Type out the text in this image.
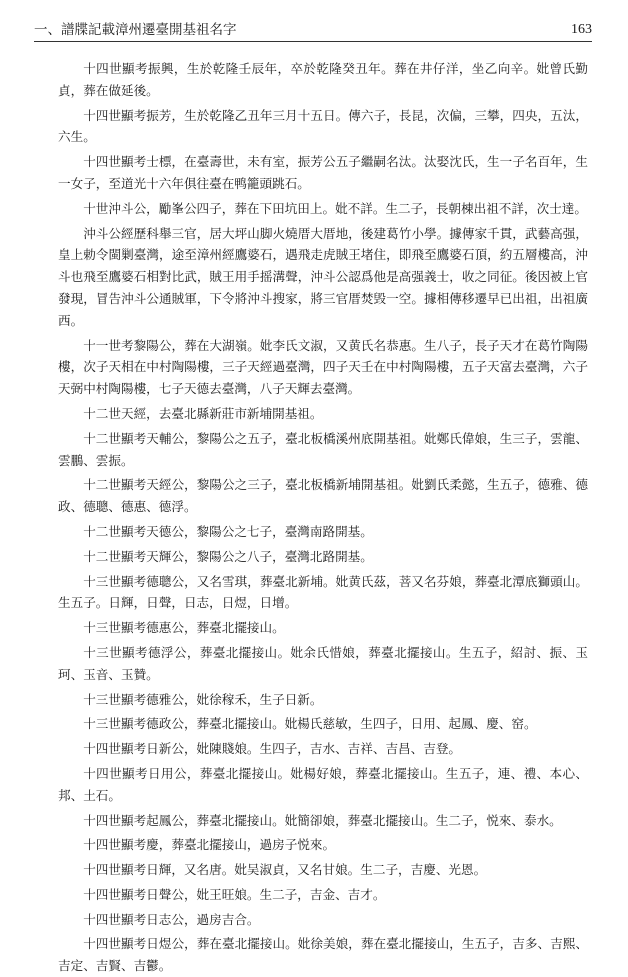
一、譜牒記載漳州遷臺開基祖名字	163

十四世顯考振興，生於乾隆壬辰年，卒於乾隆癸丑年。葬在井仔洋，坐乙向辛。妣曾氏勤貞，葬在做延後。

十四世顯考振芳，生於乾隆乙丑年三月十五日。傳六子，長昆，次偏，三攀，四央，五汰，六生。

十四世顯考士標，在臺壽世，未有室，振芳公五子繼嗣名汰。汰娶沈氏，生一子名百年，生一女子，至道光十六年俱往臺在鸭籠頭跳石。

十世沖斗公，勵峯公四子，葬在下田坑田上。妣不詳。生二子，長朝棟出祖不詳，次士達。

沖斗公經歷科舉三官，居大坪山脚火燒厝大厝地，後建葛竹小學。據傳家千貫，武藝高强，皇上勅令閩剿臺灣，途至漳州經鷹婆石，遇飛走虎賊王堵住，即飛至鷹婆石頂，約五層樓高，沖斗也飛至鷹婆石相對比武，賊王用手摇溝聲，沖斗公認爲他是高强義士，收之同征。後因被上官發現，冒告沖斗公通賊軍，下令將沖斗搜家，將三官厝焚毁一空。據相傳移遷早已出祖，出祖廣西。

十一世考黎陽公，葬在大湖嶺。妣李氏文淑，又黄氏名恭惠。生八子，長子天才在葛竹陶陽樓，次子天相在中村陶陽樓，三子天經過臺灣，四子天壬在中村陶陽樓，五子天富去臺灣，六子天弼中村陶陽樓，七子天德去臺灣，八子天輝去臺灣。

十二世天經，去臺北縣新莊市新埔開基祖。

十二世顯考天輔公，黎陽公之五子，臺北板橋溪州底開基祖。妣鄭氏偉娘，生三子，雲龍、雲鵬、雲振。

十二世顯考天經公，黎陽公之三子，臺北板橋新埔開基祖。妣劉氏柔懿，生五子，德雅、德政、德聰、德惠、德浮。

十二世顯考天德公，黎陽公之七子，臺灣南路開基。

十二世顯考天輝公，黎陽公之八子，臺灣北路開基。

十三世顯考德聰公，又名雪琪，葬臺北新埔。妣黄氏茲，菩又名芬娘，葬臺北潭底獅頭山。生五子。日輝，日聲，日志，日煜，日增。

十三世顯考德惠公，葬臺北擺接山。

十三世顯考德浮公，葬臺北擺接山。妣余氏惜娘，葬臺北擺接山。生五子，紹討、振、玉珂、玉音、玉贊。

十三世顯考德雅公，妣徐稼禾，生子日新。

十三世顯考德政公，葬臺北擺接山。妣楊氏慈敏，生四子，日用、起鳳、慶、窑。

十四世顯考日新公，妣陳賤娘。生四子，吉水、吉祥、吉昌、吉登。

十四世顯考日用公，葬臺北擺接山。妣楊好娘，葬臺北擺接山。生五子，連、禮、本心、邦、土石。

十四世顯考起鳳公，葬臺北擺接山。妣簡卻娘，葬臺北擺接山。生二子，悦來、泰水。

十四世顯考慶，葬臺北擺接山，過房子悦來。

十四世顯考日輝，又名唐。妣吴淑貞，又名甘娘。生二子，吉慶、光恩。

十四世顯考日聲公，妣王旺娘。生二子，吉金、吉才。

十四世顯考日志公，過房吉合。

十四世顯考日煜公，葬在臺北擺接山。妣徐美娘，葬在臺北擺接山，生五子，吉多、吉熙、吉定、吉賢、吉鬱。
